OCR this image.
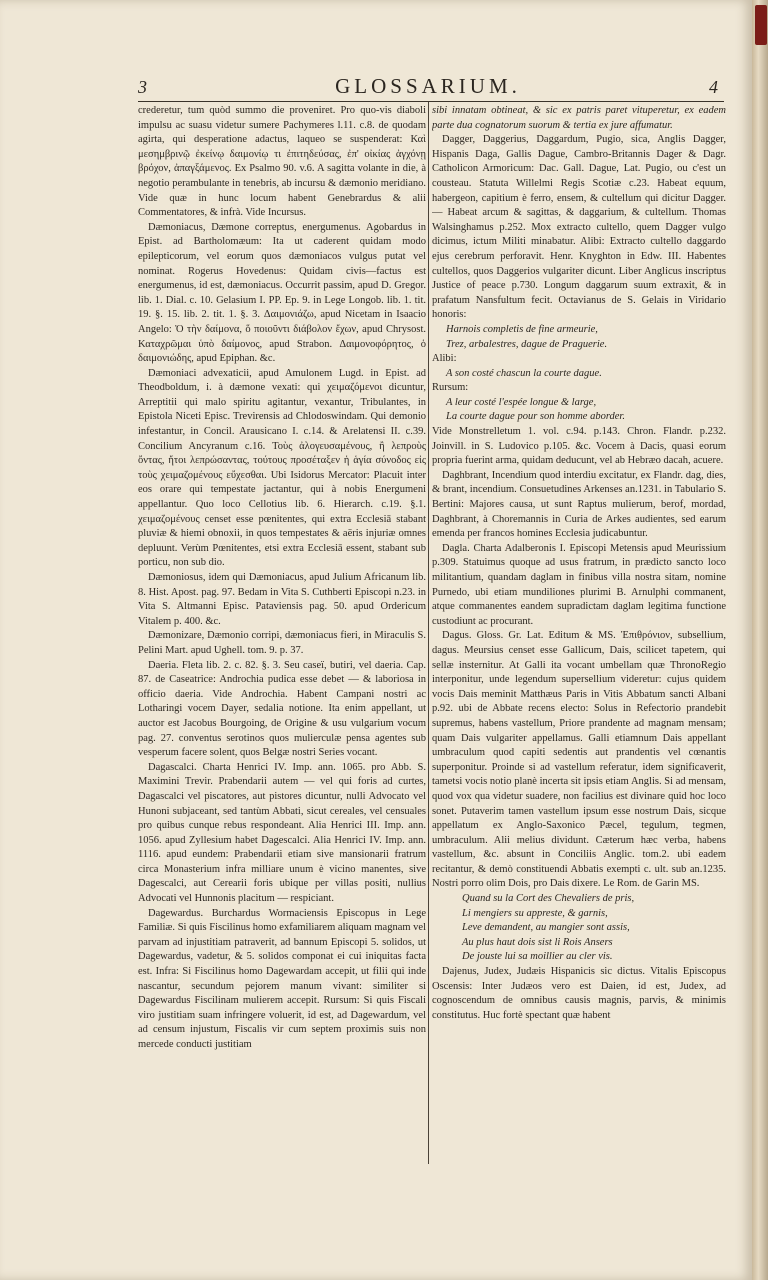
3	GLOSSARIUM.	4

crederetur, tum quòd summo die proveniret. Pro quo-vis diaboli impulsu ac suasu videtur sumere Pachymeres l.11. c.8. de quodam agirta, qui desperatione adactus, laqueo se suspenderat: Καὶ μεσημβρινῷ ἐκείνῳ δαιμονίῳ τι ἐπιτηδεύσας, ἐπ' οἰκίας ἀγχόνῃ βρόχον, ἀπαγξάμενος. Ex Psalmo 90. v.6. A sagitta volante in die, à negotio perambulante in tenebris, ab incursu & dæmonio meridiano. Vide quæ in hunc locum habent Genebrardus & alii Commentatores, & infrà. Vide Incursus.

Dæmoniacus, Dæmone correptus, energumenus. Agobardus in Epist. ad Bartholomæum: Ita ut caderent quidam modo epilepticorum, vel eorum quos dæmoniacos vulgus putat vel nominat. Rogerus Hovedenus: Quidam civis—factus est energumenus, id est, dæmoniacus. Occurrit passim, apud D. Gregor. lib. 1. Dial. c. 10. Gelasium I. PP. Ep. 9. in Lege Longob. lib. 1. tit. 19. §. 15. lib. 2. tit. 1. §. 3. Δαιμονιάζω, apud Nicetam in Isaacio Angelo: Ὁ τὴν δαίμονα, ὅ ποιοῦντι διάβολον ἔχων, apud Chrysost. Καταχρῶμαι ὑπὸ δαίμονος, apud Strabon. Δαιμονοφόρητος, ὁ δαιμονιώδης, apud Epiphan. &c.

Dæmoniaci advexaticii, apud Amulonem Lugd. in Epist. ad Theodboldum, i. à dæmone vexati: qui χειμαζόμενοι dicuntur, Arreptitii qui malo spiritu agitantur, vexantur, Tribulantes, in Epistola Niceti Episc. Trevirensis ad Chlodoswindam. Qui demonio infestantur, in Concil. Arausicano I. c.14. & Arelatensi II. c.39. Concilium Ancyranum c.16. Τοὺς ἀλογευσαμένους, ἢ λεπροὺς ὄντας, ἤτοι λεπρώσαντας, τούτους προσέταξεν ἡ ἁγία σύνοδος εἰς τοὺς χειμαζομένους εὔχεσθαι. Ubi Isidorus Mercator: Placuit inter eos orare qui tempestate jactantur, qui à nobis Energumeni appellantur. Quo loco Cellotius lib. 6. Hierarch. c.19. §.1. χειμαζομένους censet esse pœnitentes, qui extra Ecclesiā stabant pluviæ & hiemi obnoxii, in quos tempestates & aëris injuriæ omnes depluunt. Verùm Pœnitentes, etsi extra Ecclesiā essent, stabant sub porticu, non sub dio.

Dæmoniosus, idem qui Dæmoniacus, apud Julium Africanum lib. 8. Hist. Apost. pag. 97. Bedam in Vita S. Cuthberti Episcopi n.23. in Vita S. Altmanni Episc. Pataviensis pag. 50. apud Ordericum Vitalem p. 400. &c.

Dæmonizare, Dæmonio corripi, dæmoniacus fieri, in Miraculis S. Pelini Mart. apud Ughell. tom. 9. p. 37.

Daeria. Fleta lib. 2. c. 82. §. 3. Seu caseï, butiri, vel daeria. Cap. 87. de Caseatrice: Androchia pudica esse debet — & laboriosa in officio daeria. Vide Androchia. Habent Campani nostri ac Lotharingi vocem Dayer, sedalia notione. Ita enim appellant, ut auctor est Jacobus Bourgoing, de Origine & usu vulgarium vocum pag. 27. conventus serotinos quos mulierculæ pensa agentes sub vesperum facere solent, quos Belgæ nostri Series vocant.

Dagascalci. Charta Henrici IV. Imp. ann. 1065. pro Abb. S. Maximini Trevir. Prabendarii autem — vel qui foris ad curtes, Dagascalci vel piscatores, aut pistores dicuntur, nulli Advocato vel Hunoni subjaceant, sed tantùm Abbati, sicut cereales, vel censuales pro quibus cunque rebus respondeant. Alia Henrici III. Imp. ann. 1056. apud Zyllesium habet Dagescalci. Alia Henrici IV. Imp. ann. 1116. apud eundem: Prabendarii etiam sive mansionarii fratrum circa Monasterium infra milliare unum è vicino manentes, sive Dagescalci, aut Cerearii foris ubique per villas positi, nullius Advocati vel Hunnonis placitum — respiciant.

Dagewardus. Burchardus Wormaciensis Episcopus in Lege Familiæ. Si quis Fiscilinus homo exfamiliarem aliquam magnam vel parvam ad injustitiam patraverit, ad bannum Episcopi 5. solidos, ut Dagewardus, vadetur, & 5. solidos componat ei cui iniquitas facta est. Infra: Si Fiscilinus homo Dagewardam accepit, ut filii qui inde nascantur, secundum pejorem manum vivant: similiter si Dagewardus Fiscilinam mulierem accepit. Rursum: Si quis Fiscali viro justitiam suam infringere voluerit, id est, ad Dagewardum, vel ad censum injustum, Fiscalis vir cum septem proximis suis non mercede conducti justitiam

sibi innatam obtineat, & sic ex patris paret vituperetur, ex eadem parte dua cognatorum suorum & tertia ex jure affumatur.

Dagger, Daggerius, Daggardum, Pugio, sica, Anglis Dagger, Hispanis Daga, Gallis Dague, Cambro-Britannis Dager & Dagr. Catholicon Armoricum: Dac. Gall. Dague, Lat. Pugio, ou c'est un cousteau. Statuta Willelmi Regis Scotiæ c.23. Habeat equum, habergeon, capitium è ferro, ensem, & cultellum qui dicitur Dagger. — Habeat arcum & sagittas, & daggarium, & cultellum. Thomas Walsinghamus p.252. Mox extracto cultello, quem Dagger vulgo dicimus, ictum Militi minabatur. Alibi: Extracto cultello daggardo ejus cerebrum perforavit. Henr. Knyghton in Edw. III. Habentes cultellos, quos Daggerios vulgariter dicunt. Liber Anglicus inscriptus Justice of peace p.730. Longum daggarum suum extraxit, & in prafatum Nansfultum fecit. Octavianus de S. Gelais in Viridario honoris:

Harnois completis de fine armeurie,

Trez, arbalestres, dague de Praguerie.

Alibi:

A son costé chascun la courte dague.

Rursum:

A leur costé l'espée longue & large,

La courte dague pour son homme aborder.

Vide Monstrelletum 1. vol. c.94. p.143. Chron. Flandr. p.232. Joinvill. in S. Ludovico p.105. &c. Vocem à Dacis, quasi eorum propria fuerint arma, quidam deducunt, vel ab Hebræo dacah, acuere.

Daghbrant, Incendium quod interdiu excitatur, ex Flandr. dag, dies, & brant, incendium. Consuetudines Arkenses an.1231. in Tabulario S. Bertini: Majores causa, ut sunt Raptus mulierum, berof, mordad, Daghbrant, à Choremannis in Curia de Arkes audientes, sed earum emenda per francos homines Ecclesia judicabuntur.

Dagla. Charta Adalberonis I. Episcopi Metensis apud Meurissium p.309. Statuimus quoque ad usus fratrum, in prædicto sancto loco militantium, quandam daglam in finibus villa nostra sitam, nomine Purnedo, ubi etiam mundiliones plurimi B. Arnulphi commanent, atque commanentes eandem supradictam daglam legitima functione custodiunt ac procurant.

Dagus. Gloss. Gr. Lat. Editum & MS. Ἐπιθρόνιον, subsellium, dagus. Meursius censet esse Gallicum, Dais, scilicet tapetem, qui sellæ insternitur. At Galli ita vocant umbellam quæ ThronoRegio interponitur, unde legendum supersellium videretur: cujus quidem vocis Dais meminit Matthæus Paris in Vitis Abbatum sancti Albani p.92. ubi de Abbate recens electo: Solus in Refectorio prandebit supremus, habens vastellum, Priore prandente ad magnam mensam; quam Dais vulgariter appellamus. Galli etiamnum Dais appellant umbraculum quod capiti sedentis aut prandentis vel cœnantis superponitur. Proinde si ad vastellum referatur, idem significaverit, tametsi vocis notio planè incerta sit ipsis etiam Anglis. Si ad mensam, quod vox qua videtur suadere, non facilius est divinare quid hoc loco sonet. Putaverim tamen vastellum ipsum esse nostrum Dais, sicque appellatum ex Anglo-Saxonico Pæcel, tegulum, tegmen, umbraculum. Alii melius dividunt. Cæterum hæc verba, habens vastellum, &c. absunt in Conciliis Anglic. tom.2. ubi eadem recitantur, & demò constituendi Abbatis exempti c. ult. sub an.1235. Nostri porro olim Dois, pro Dais dixere. Le Rom. de Garin MS.

Quand su la Cort des Chevaliers de pris,

Li mengiers su appreste, & garnis,

Leve demandent, au mangier sont assis,

Au plus haut dois sist li Rois Ansers

De jouste lui sa moillier au cler vis.

Dajenus, Judex, Judæis Hispanicis sic dictus. Vitalis Episcopus Oscensis: Inter Judæos vero est Daien, id est, Judex, ad cognoscendum de omnibus causis magnis, parvis, & minimis constitutus. Huc fortè spectant quæ habent
